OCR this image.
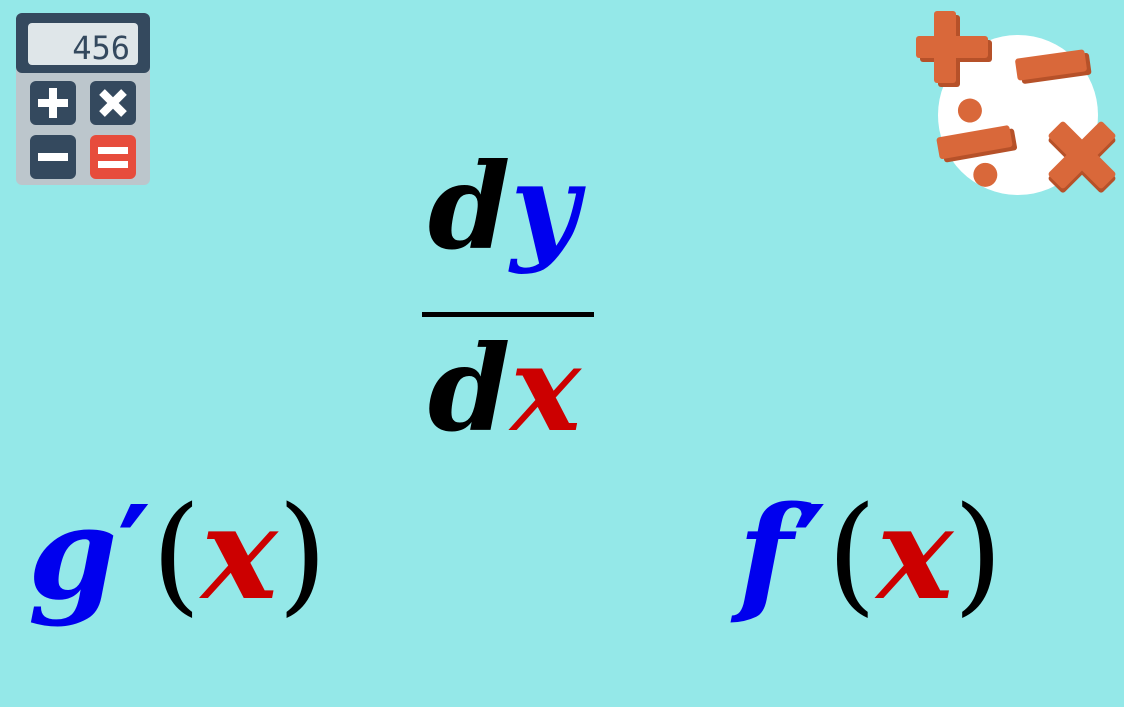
456
dy
dx
g′(x)	f′(x)
